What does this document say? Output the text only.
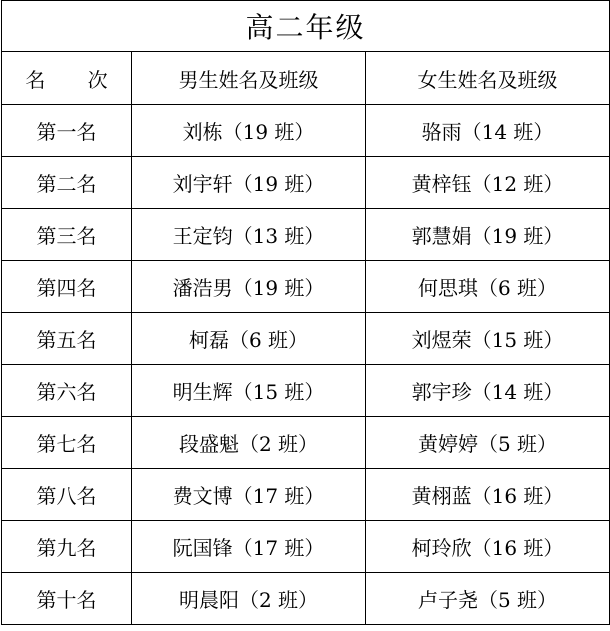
高二年级		
名 次	男生姓名及班级	女生姓名及班级
第一名	刘栋（19 班）	骆雨（14 班）
第二名	刘宇轩（19 班）	黄梓钰（12 班）
第三名	王定钧（13 班）	郭慧娟（19 班）
第四名	潘浩男（19 班）	何思琪（6 班）
第五名	柯磊（6 班）	刘煜荣（15 班）
第六名	明生辉（15 班）	郭宇珍（14 班）
第七名	段盛魁（2 班）	黄婷婷（5 班）
第八名	费文博（17 班）	黄栩蓝（16 班）
第九名	阮国锋（17 班）	柯玲欣（16 班）
第十名	明晨阳（2 班）	卢子尧（5 班）
